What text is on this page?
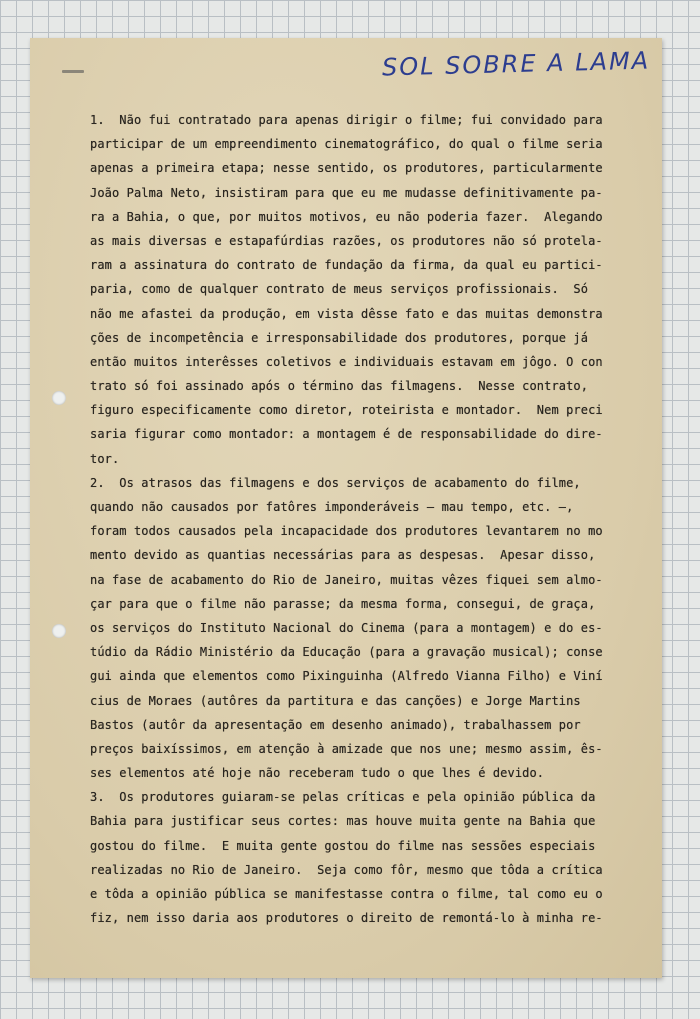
SOL SOBRE A LAMA
1.  Não fui contratado para apenas dirigir o filme; fui convidado para
participar de um empreendimento cinematográfico, do qual o filme seria
apenas a primeira etapa; nesse sentido, os produtores, particularmente
João Palma Neto, insistiram para que eu me mudasse definitivamente pa-
ra a Bahia, o que, por muitos motivos, eu não poderia fazer.  Alegando
as mais diversas e estapafúrdias razões, os produtores não só protela-
ram a assinatura do contrato de fundação da firma, da qual eu partici-
paria, como de qualquer contrato de meus serviços profissionais.  Só
não me afastei da produção, em vista dêsse fato e das muitas demonstra
ções de incompetência e irresponsabilidade dos produtores, porque já
então muitos interêsses coletivos e individuais estavam em jôgo. O con
trato só foi assinado após o término das filmagens.  Nesse contrato,
figuro especificamente como diretor, roteirista e montador.  Nem preci
saria figurar como montador: a montagem é de responsabilidade do dire-
tor.
2.  Os atrasos das filmagens e dos serviços de acabamento do filme,
quando não causados por fatôres imponderáveis — mau tempo, etc. —,
foram todos causados pela incapacidade dos produtores levantarem no mo
mento devido as quantias necessárias para as despesas.  Apesar disso,
na fase de acabamento do Rio de Janeiro, muitas vêzes fiquei sem almo-
çar para que o filme não parasse; da mesma forma, consegui, de graça,
os serviços do Instituto Nacional do Cinema (para a montagem) e do es-
túdio da Rádio Ministério da Educação (para a gravação musical); conse
gui ainda que elementos como Pixinguinha (Alfredo Vianna Filho) e Viní
cius de Moraes (autôres da partitura e das canções) e Jorge Martins
Bastos (autôr da apresentação em desenho animado), trabalhassem por
preços baixíssimos, em atenção à amizade que nos une; mesmo assim, ês-
ses elementos até hoje não receberam tudo o que lhes é devido.
3.  Os produtores guiaram-se pelas críticas e pela opinião pública da
Bahia para justificar seus cortes: mas houve muita gente na Bahia que
gostou do filme.  E muita gente gostou do filme nas sessões especiais
realizadas no Rio de Janeiro.  Seja como fôr, mesmo que tôda a crítica
e tôda a opinião pública se manifestasse contra o filme, tal como eu o
fiz, nem isso daria aos produtores o direito de remontá-lo à minha re-
